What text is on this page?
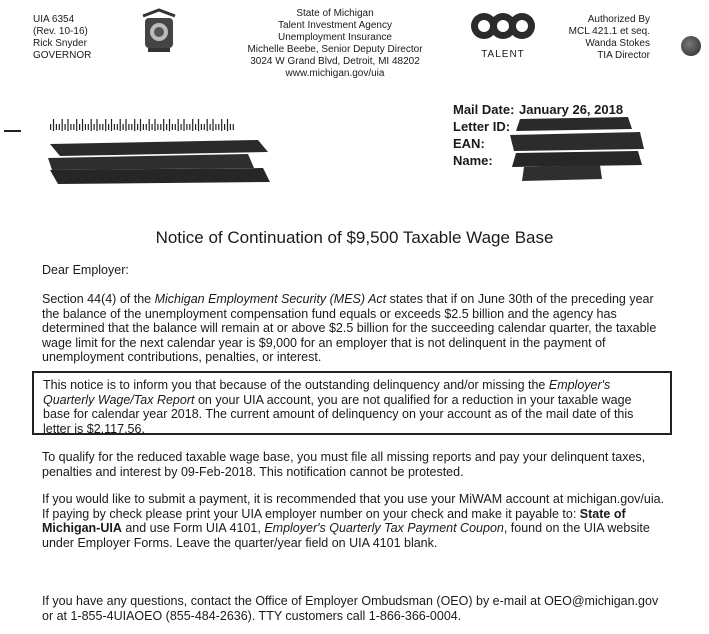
UIA 6354
(Rev. 10-16)
Rick Snyder
GOVERNOR
State of Michigan
Talent Investment Agency
Unemployment Insurance
Michelle Beebe, Senior Deputy Director
3024 W Grand Blvd, Detroit, MI 48202
www.michigan.gov/uia
TALENT
Authorized By
MCL 421.1 et seq.
Wanda Stokes
TIA Director
Mail Date: January 26, 2018
Letter ID:
EAN:
Name:
Notice of Continuation of $9,500 Taxable Wage Base
Dear Employer:
Section 44(4) of the Michigan Employment Security (MES) Act states that if on June 30th of the preceding year the balance of the unemployment compensation fund equals or exceeds $2.5 billion and the agency has determined that the balance will remain at or above $2.5 billion for the succeeding calendar quarter, the taxable wage limit for the next calendar year is $9,000 for an employer that is not delinquent in the payment of unemployment contributions, penalties, or interest.
This notice is to inform you that because of the outstanding delinquency and/or missing the Employer's Quarterly Wage/Tax Report on your UIA account, you are not qualified for a reduction in your taxable wage base for calendar year 2018. The current amount of delinquency on your account as of the mail date of this letter is $2,117.56.
To qualify for the reduced taxable wage base, you must file all missing reports and pay your delinquent taxes, penalties and interest by 09-Feb-2018. This notification cannot be protested.
If you would like to submit a payment, it is recommended that you use your MiWAM account at michigan.gov/uia. If paying by check please print your UIA employer number on your check and make it payable to: State of Michigan-UIA and use Form UIA 4101, Employer's Quarterly Tax Payment Coupon, found on the UIA website under Employer Forms. Leave the quarter/year field on UIA 4101 blank.
If you have any questions, contact the Office of Employer Ombudsman (OEO) by e-mail at OEO@michigan.gov or at 1-855-4UIAOEO (855-484-2636). TTY customers call 1-866-366-0004.
